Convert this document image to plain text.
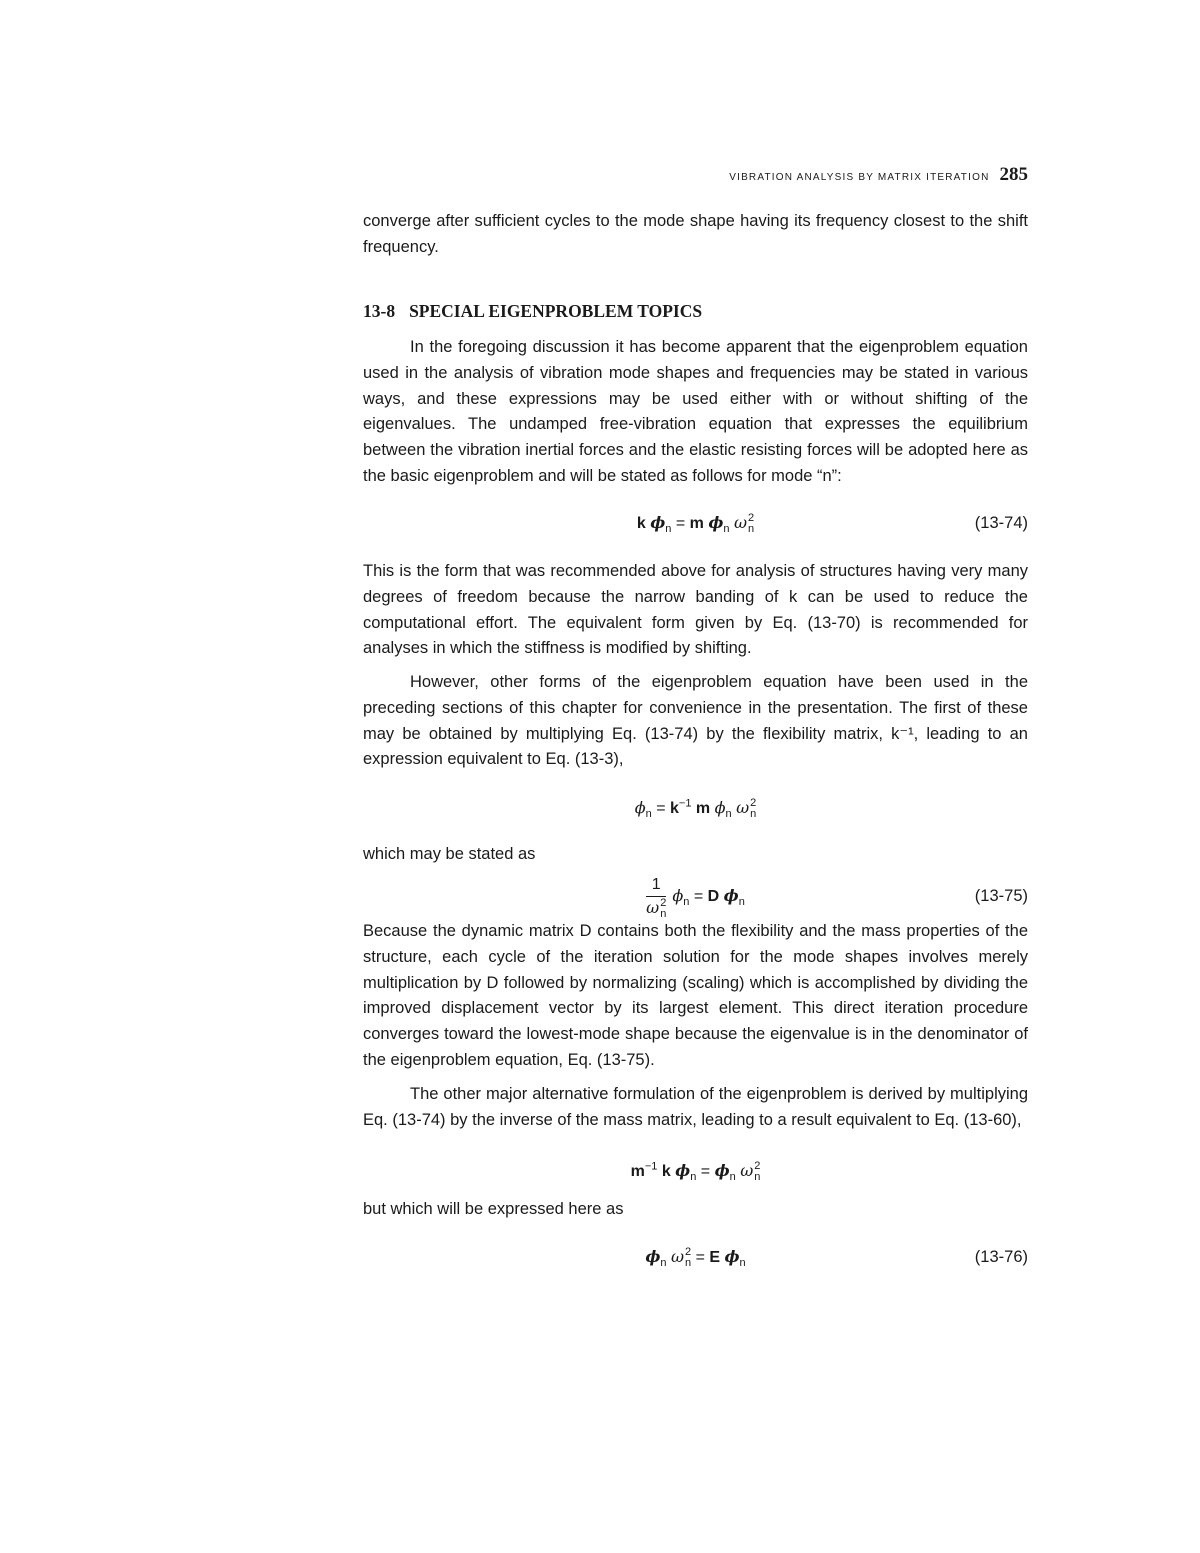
VIBRATION ANALYSIS BY MATRIX ITERATION 285

converge after sufficient cycles to the mode shape having its frequency closest to the shift frequency.

13-8 SPECIAL EIGENPROBLEM TOPICS

In the foregoing discussion it has become apparent that the eigenproblem equation used in the analysis of vibration mode shapes and frequencies may be stated in various ways, and these expressions may be used either with or without shifting of the eigenvalues. The undamped free-vibration equation that expresses the equilibrium between the vibration inertial forces and the elastic resisting forces will be adopted here as the basic eigenproblem and will be stated as follows for mode “n”:

k $\phi_n = m$ $\phi_n$ ω 2
n	(13-74)

This is the form that was recommended above for analysis of structures having very many degrees of freedom because the narrow banding of k can be used to reduce the computational effort. The equivalent form given by Eq. (13-70) is recommended for analyses in which the stiffness is modified by shifting.

However, other forms of the eigenproblem equation have been used in the preceding sections of this chapter for convenience in the presentation. The first of these may be obtained by multiplying Eq. (13-74) by the flexibility matrix, k⁻¹, leading to an expression equivalent to Eq. (13-3),

$\phi_n = k^{-1}$ m $\phi_n$ ω 2
n

which may be stated as

1
ω 2
n $\phi_n = D$ $\phi_n$	(13-75)

Because the dynamic matrix D contains both the flexibility and the mass properties of the structure, each cycle of the iteration solution for the mode shapes involves merely multiplication by D followed by normalizing (scaling) which is accomplished by dividing the improved displacement vector by its largest element. This direct iteration procedure converges toward the lowest-mode shape because the eigenvalue is in the denominator of the eigenproblem equation, Eq. (13-75).

The other major alternative formulation of the eigenproblem is derived by multiplying Eq. (13-74) by the inverse of the mass matrix, leading to a result equivalent to Eq. (13-60),

$m^{-1}$ k $\phi_n = \phi_n$ ω 2
n

but which will be expressed here as

$\phi_n$ ω 2
n = E $\phi_n$	(13-76)
